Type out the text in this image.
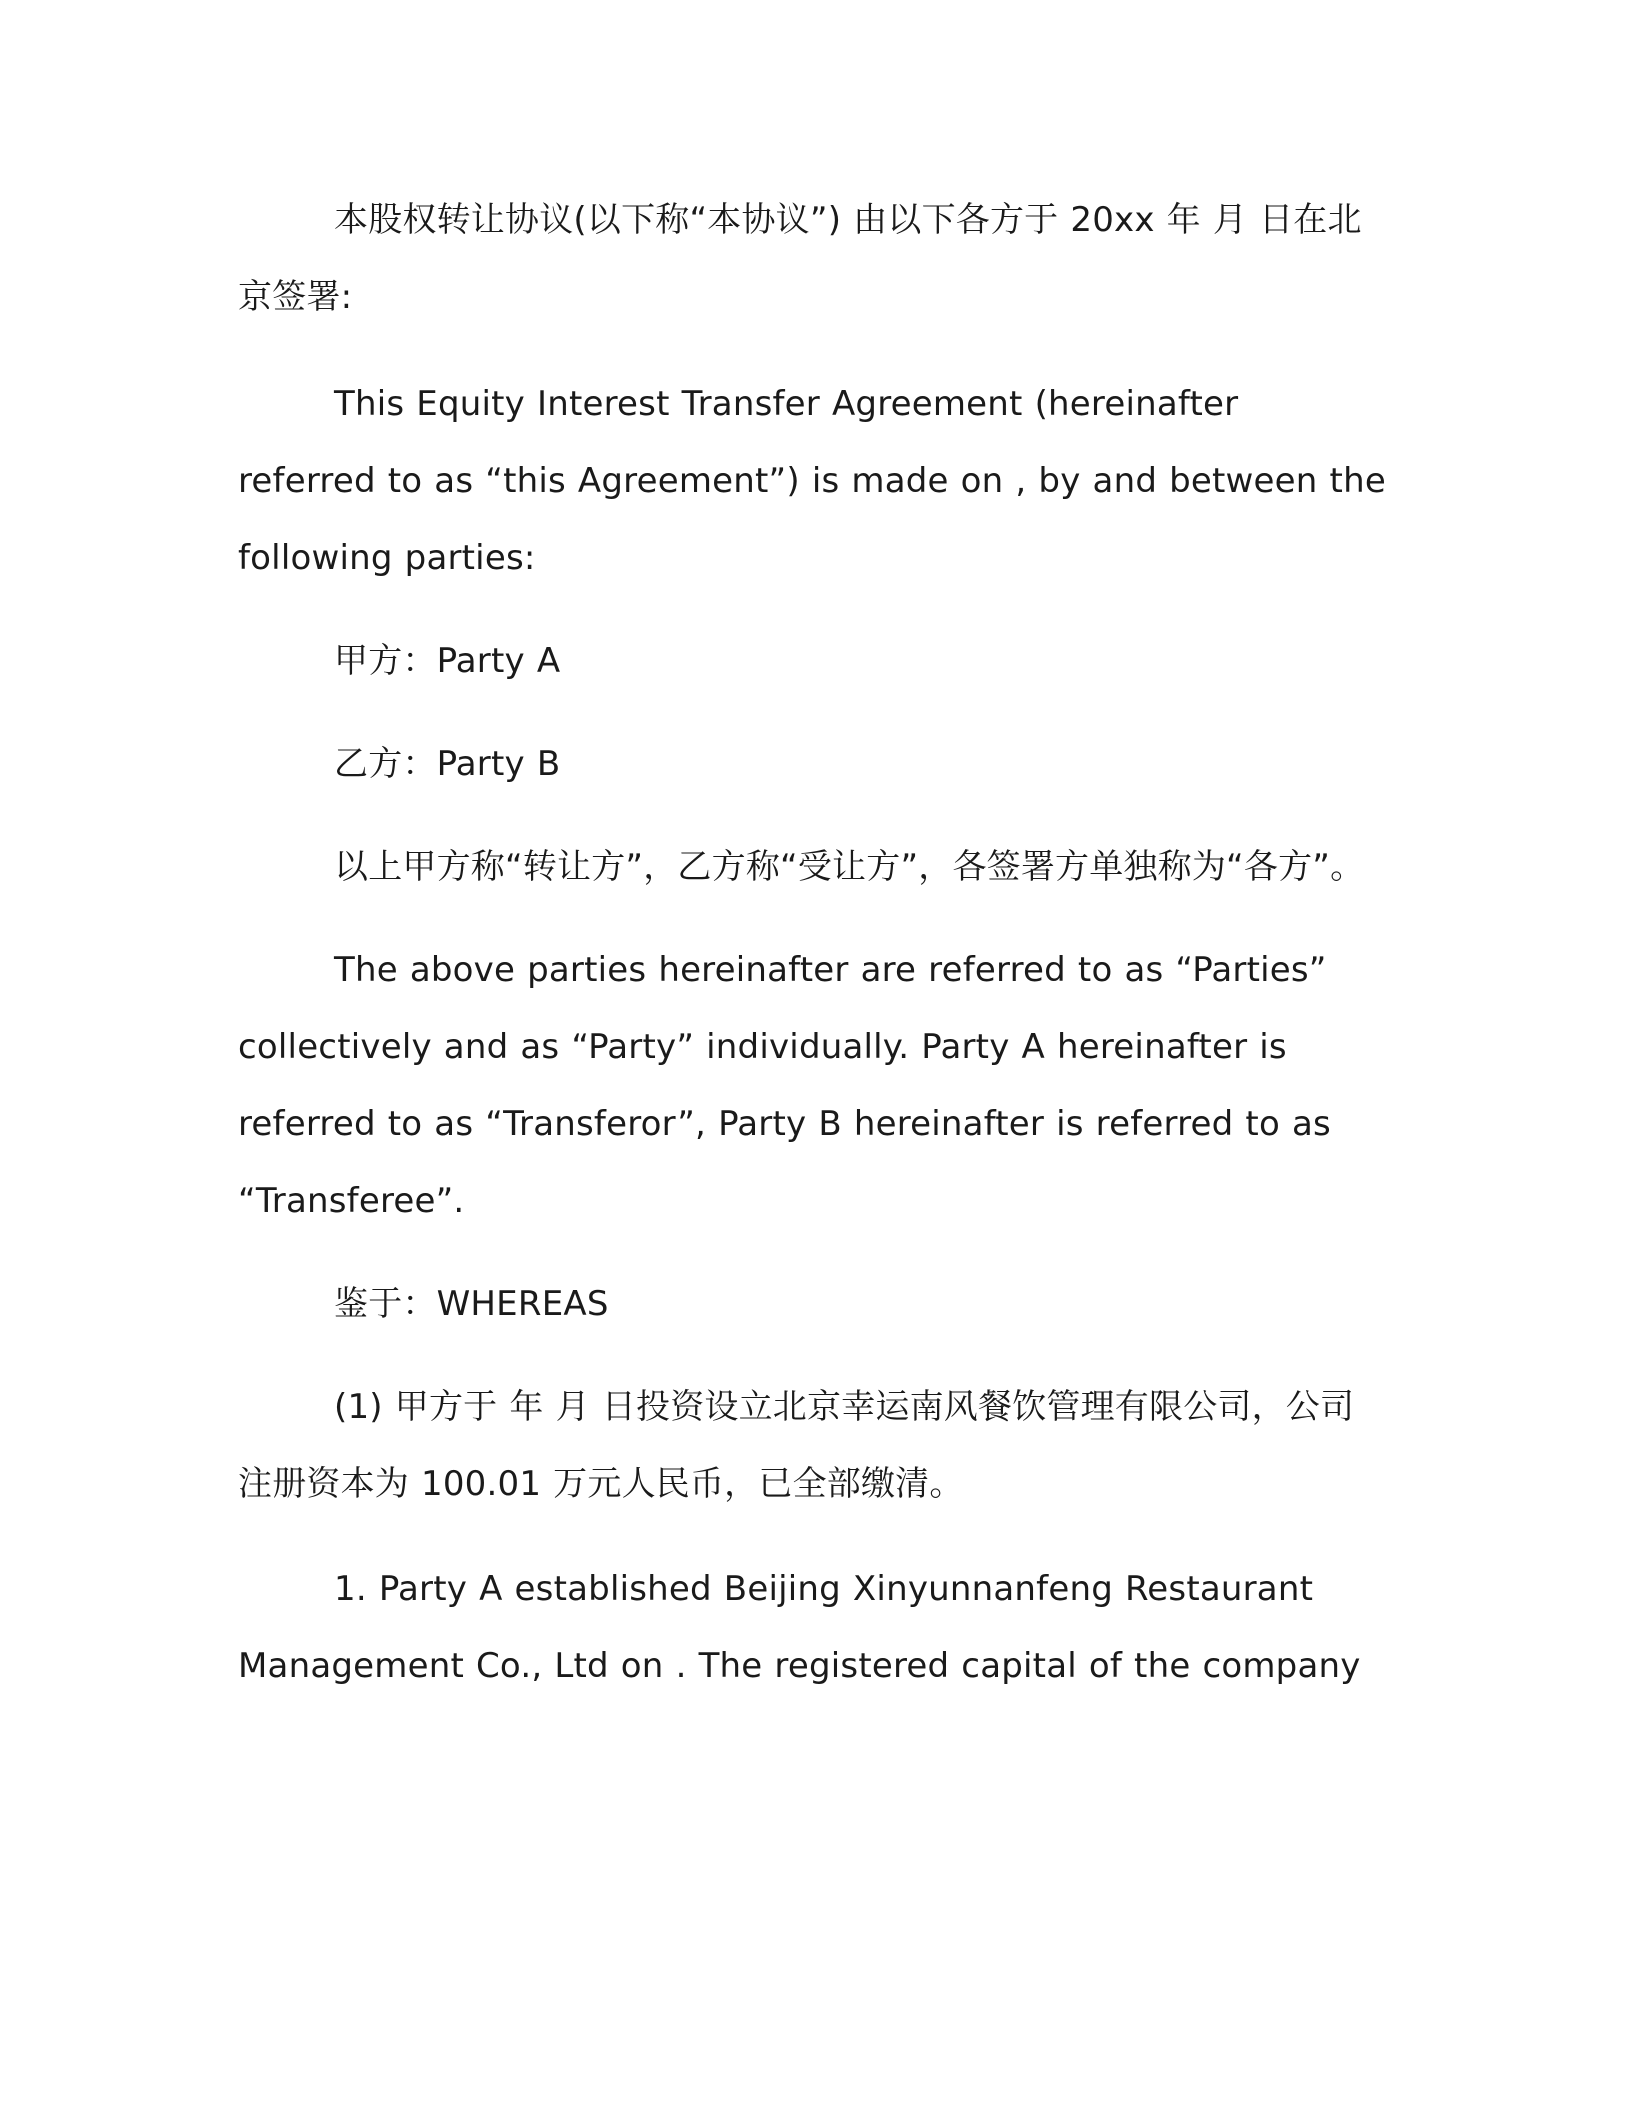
本股权转让协议(以下称“本协议”) 由以下各方于 20xx 年 月 日在北京签署:

This Equity Interest Transfer Agreement (hereinafter referred to as “this Agreement”) is made on , by and between the following parties:

甲方：Party A

乙方：Party B

以上甲方称“转让方”，乙方称“受让方”，各签署方单独称为“各方”。

The above parties hereinafter are referred to as “Parties” collectively and as “Party” individually. Party A hereinafter is referred to as “Transferor”, Party B hereinafter is referred to as “Transferee”.

鉴于：WHEREAS

(1) 甲方于 年 月 日投资设立北京幸运南风餐饮管理有限公司，公司注册资本为 100.01 万元人民币，已全部缴清。

1. Party A established Beijing Xinyunnanfeng Restaurant Management Co., Ltd on . The registered capital of the company
